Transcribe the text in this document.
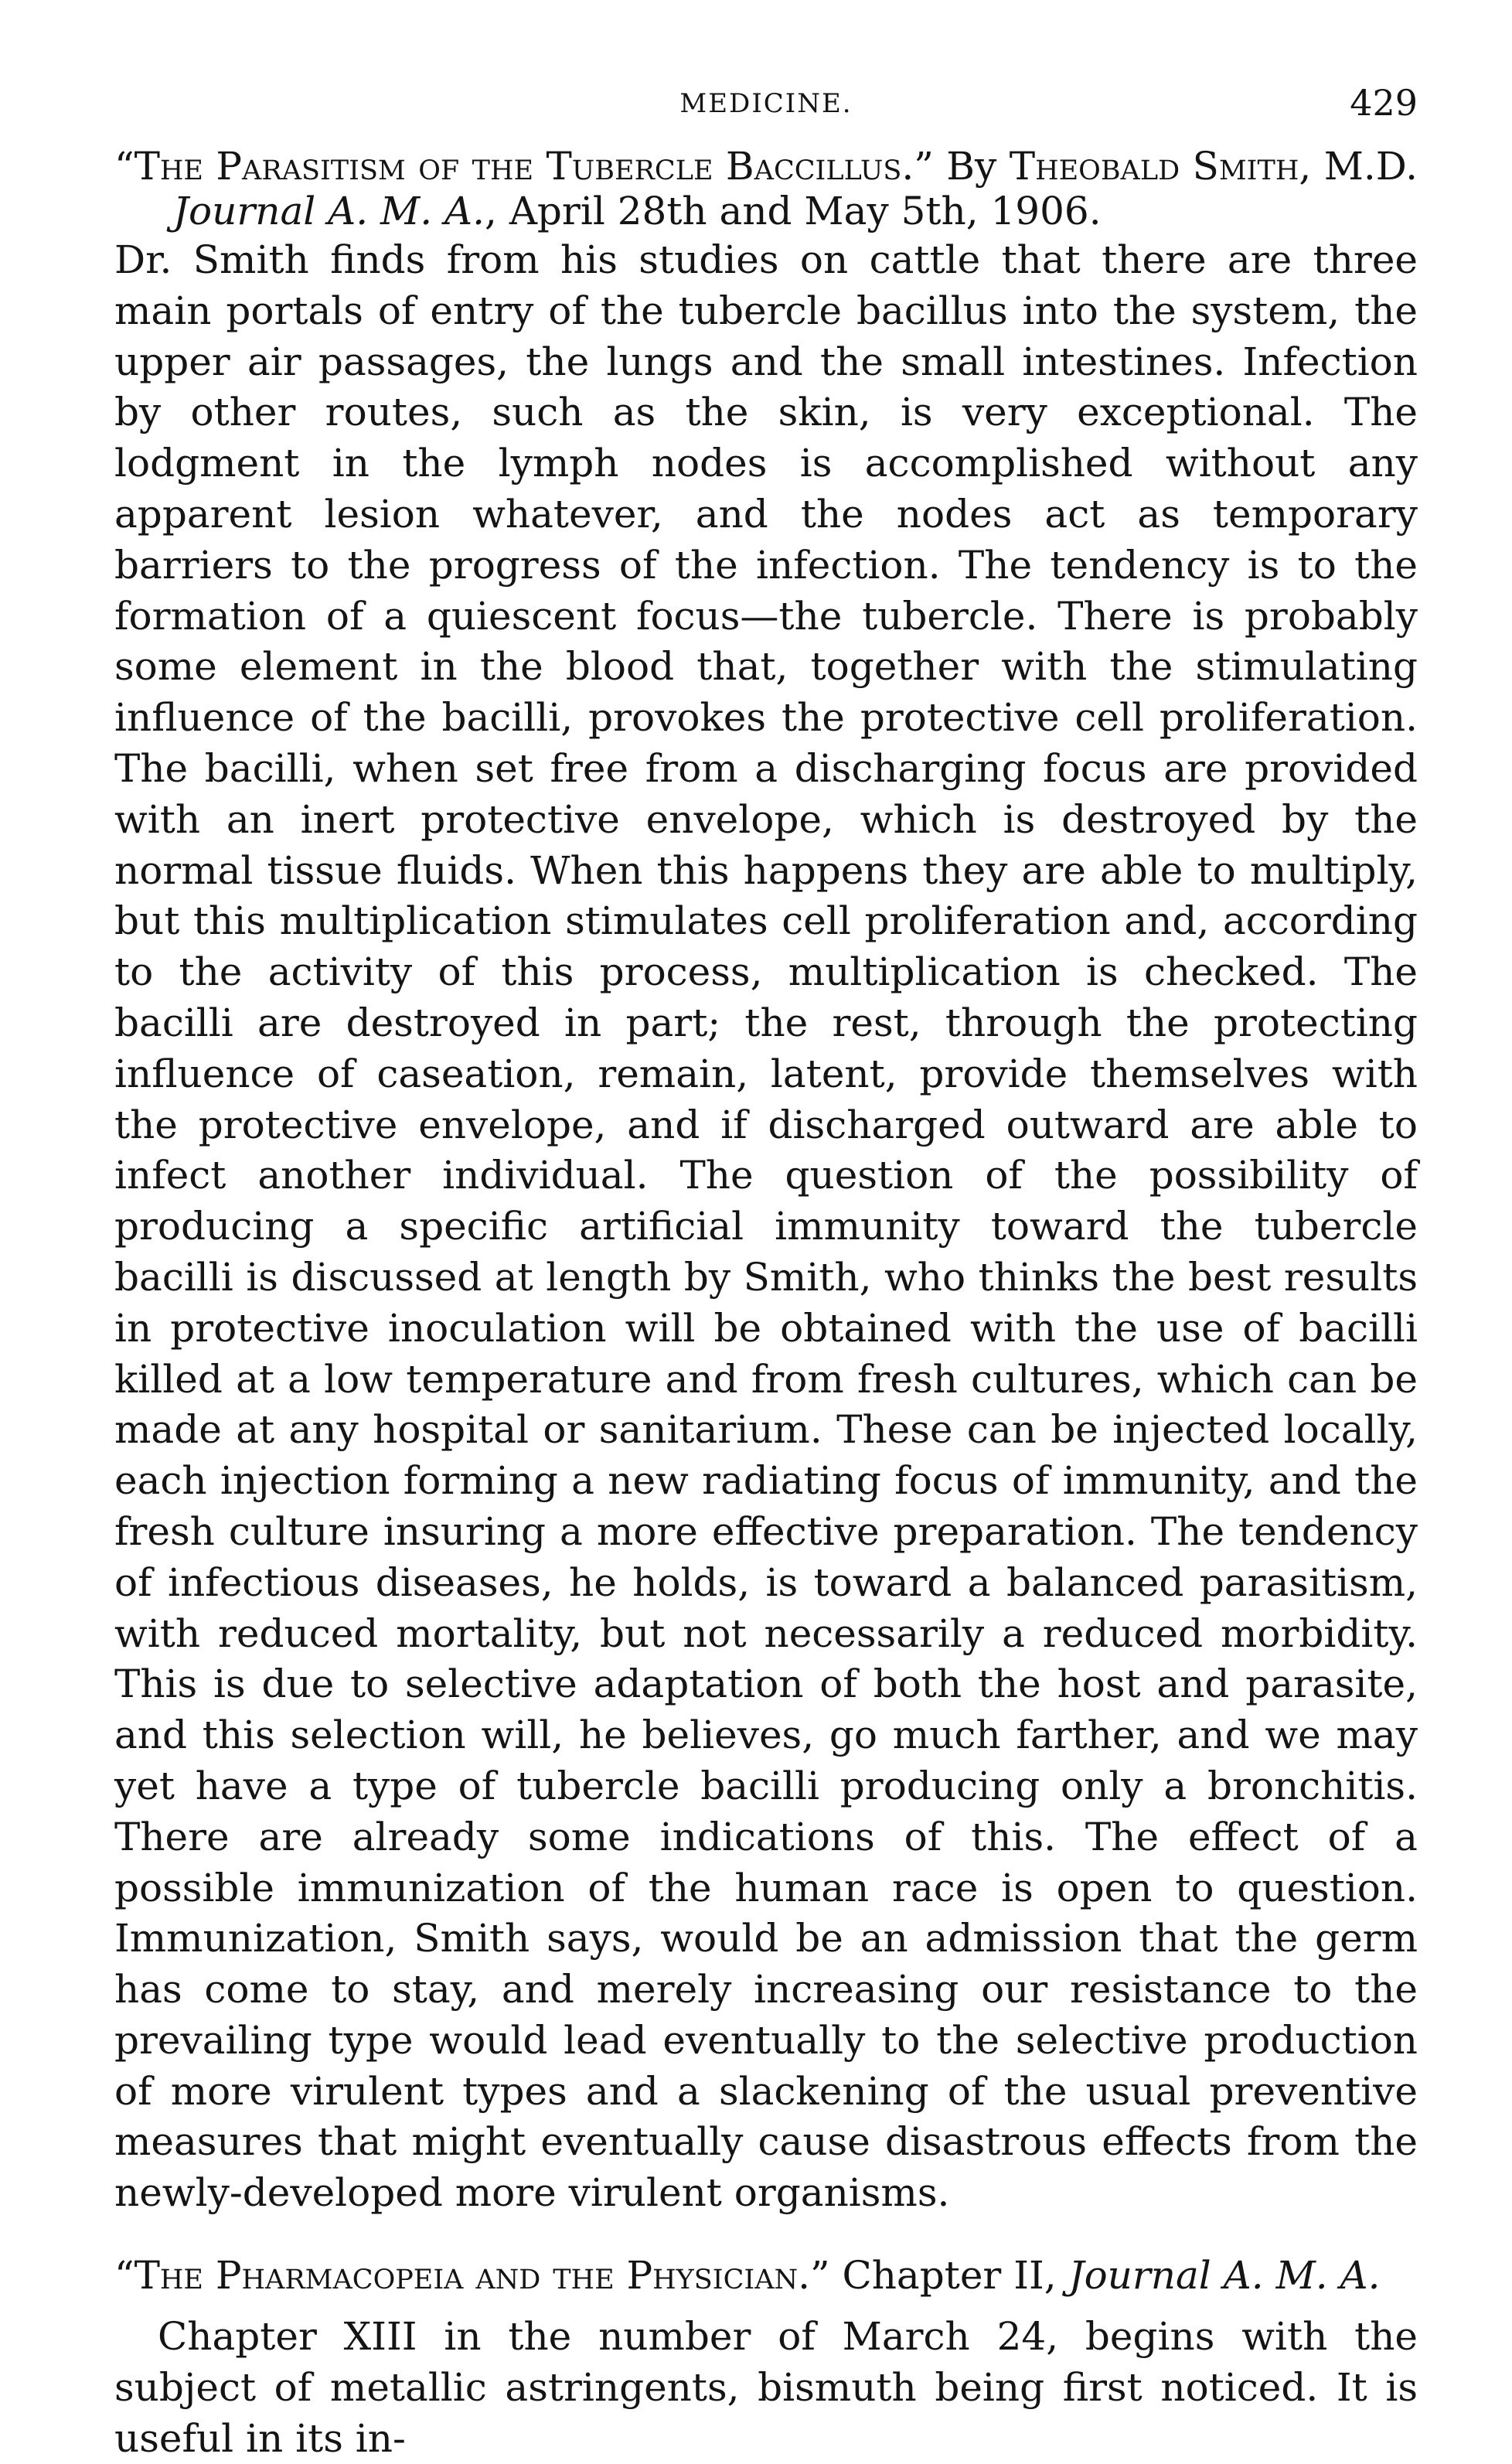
MEDICINE.	429
“The Parasitism of the Tubercle Baccillus.” By Theobald Smith, M.D. Journal A. M. A., April 28th and May 5th, 1906.

Dr. Smith finds from his studies on cattle that there are three main portals of entry of the tubercle bacillus into the system, the upper air passages, the lungs and the small intestines. Infection by other routes, such as the skin, is very exceptional. The lodgment in the lymph nodes is accomplished without any apparent lesion whatever, and the nodes act as temporary barriers to the progress of the infection. The tendency is to the formation of a quiescent focus—the tubercle. There is probably some element in the blood that, together with the stimulating influence of the bacilli, provokes the protective cell proliferation. The bacilli, when set free from a discharging focus are provided with an inert protective envelope, which is destroyed by the normal tissue fluids. When this happens they are able to multiply, but this multiplication stimulates cell proliferation and, according to the activity of this process, multiplication is checked. The bacilli are destroyed in part; the rest, through the protecting influence of caseation, remain, latent, provide themselves with the protective envelope, and if discharged outward are able to infect another individual. The question of the possibility of producing a specific artificial immunity toward the tubercle bacilli is discussed at length by Smith, who thinks the best results in protective inoculation will be obtained with the use of bacilli killed at a low temperature and from fresh cultures, which can be made at any hospital or sanitarium. These can be injected locally, each injection forming a new radiating focus of immunity, and the fresh culture insuring a more effective preparation. The tendency of infectious diseases, he holds, is toward a balanced parasitism, with reduced mortality, but not necessarily a reduced morbidity. This is due to selective adaptation of both the host and parasite, and this selection will, he believes, go much farther, and we may yet have a type of tubercle bacilli producing only a bronchitis. There are already some indications of this. The effect of a possible immunization of the human race is open to question. Immunization, Smith says, would be an admission that the germ has come to stay, and merely increasing our resistance to the prevailing type would lead eventually to the selective production of more virulent types and a slackening of the usual preventive measures that might eventually cause disastrous effects from the newly-developed more virulent organisms.

“The Pharmacopeia and the Physician.” Chapter II, Journal A. M. A.

Chapter XIII in the number of March 24, begins with the subject of metallic astringents, bismuth being first noticed. It is useful in its in-
